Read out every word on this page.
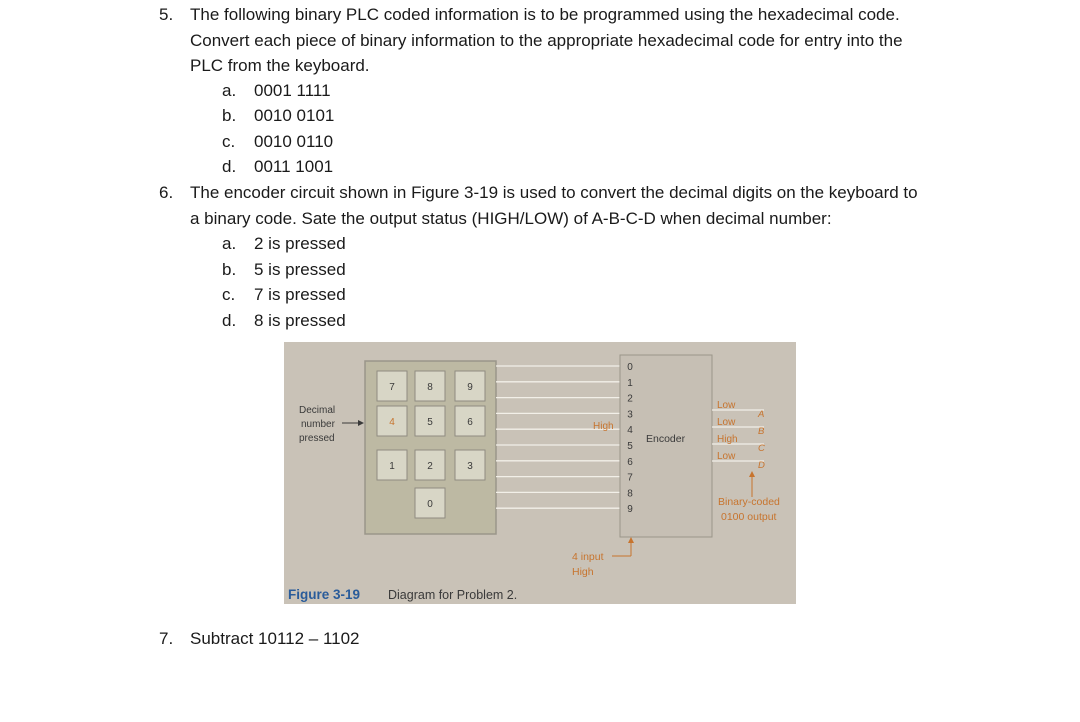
5. The following binary PLC coded information is to be programmed using the hexadecimal code.
Convert each piece of binary information to the appropriate hexadecimal code for entry into the
PLC from the keyboard.
a. 0001 1111
b. 0010 0101
c. 0010 0110
d. 0011 1001
6. The encoder circuit shown in Figure 3-19 is used to convert the decimal digits on the keyboard to
a binary code. Sate the output status (HIGH/LOW) of A-B-C-D when decimal number:
a. 2 is pressed
b. 5 is pressed
c. 7 is pressed
d. 8 is pressed
7	8	9
4	5	6
1	2	3
0
Decimal
number
pressed
High
Encoder
0
1
2
3
4
5
6
7
8
9
Low
A
Low
B
High
C
Low
D
Binary-coded
0100 output
4 input
High
Figure 3-19 Diagram for Problem 2.
7. Subtract 10112 – 1102
